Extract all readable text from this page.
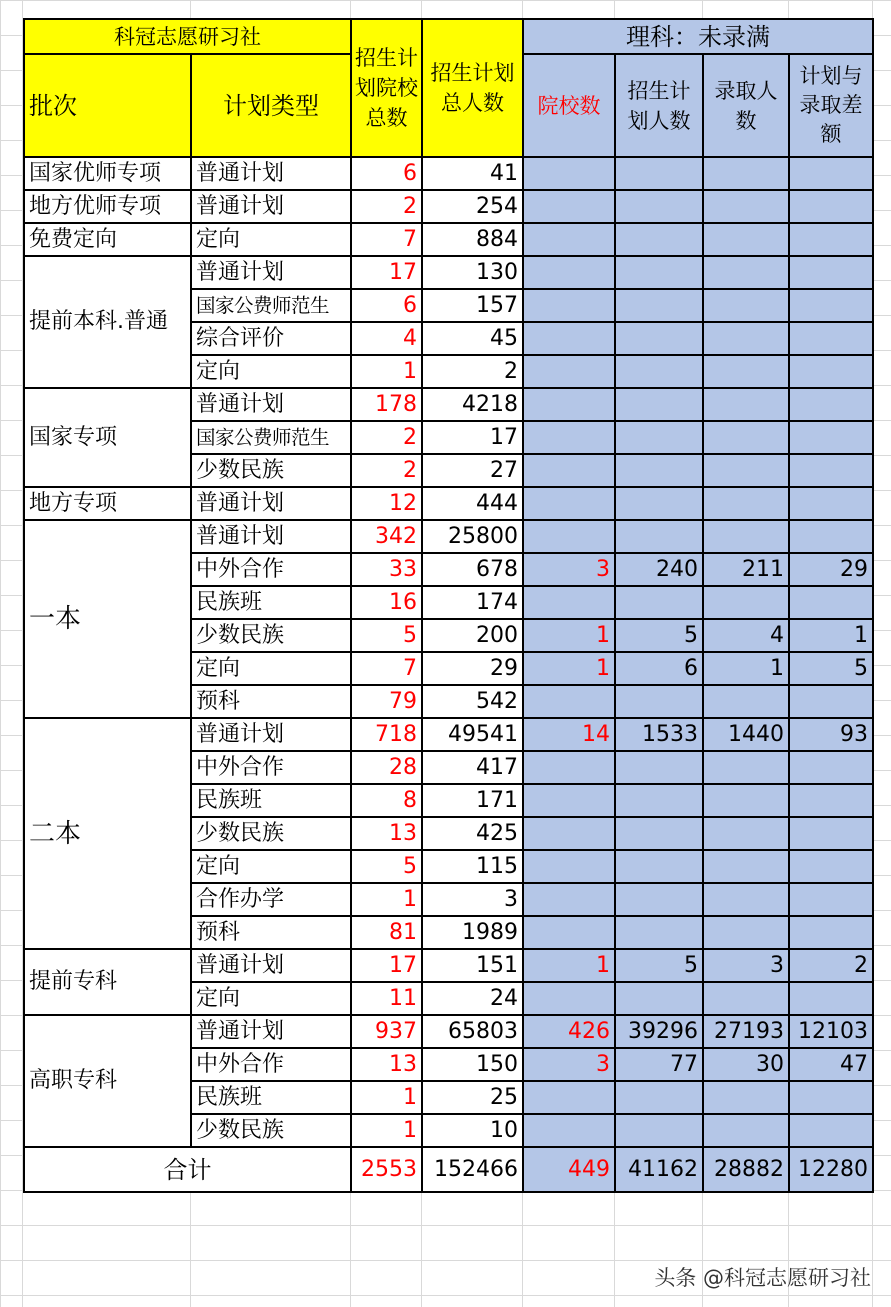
科冠志愿研习社		招生计划院校总数	招生计划总人数	理科：未录满			
批次	计划类型			院校数	招生计划人数	录取人数	计划与录取差额
国家优师专项	普通计划	6	41				
地方优师专项	普通计划	2	254				
免费定向	定向	7	884				
提前本科.普通	普通计划	17	130				
	国家公费师范生	6	157				
	综合评价	4	45				
	定向	1	2				
国家专项	普通计划	178	4218				
	国家公费师范生	2	17				
	少数民族	2	27				
地方专项	普通计划	12	444				
一本	普通计划	342	25800				
	中外合作	33	678	3	240	211	29
	民族班	16	174				
	少数民族	5	200	1	5	4	1
	定向	7	29	1	6	1	5
	预科	79	542				
二本	普通计划	718	49541	14	1533	1440	93
	中外合作	28	417				
	民族班	8	171				
	少数民族	13	425				
	定向	5	115				
	合作办学	1	3				
	预科	81	1989				
提前专科	普通计划	17	151	1	5	3	2
	定向	11	24				
高职专科	普通计划	937	65803	426	39296	27193	12103
	中外合作	13	150	3	77	30	47
	民族班	1	25				
	少数民族	1	10				
合计		2553	152466	449	41162	28882	12280
头条 @科冠志愿研习社
